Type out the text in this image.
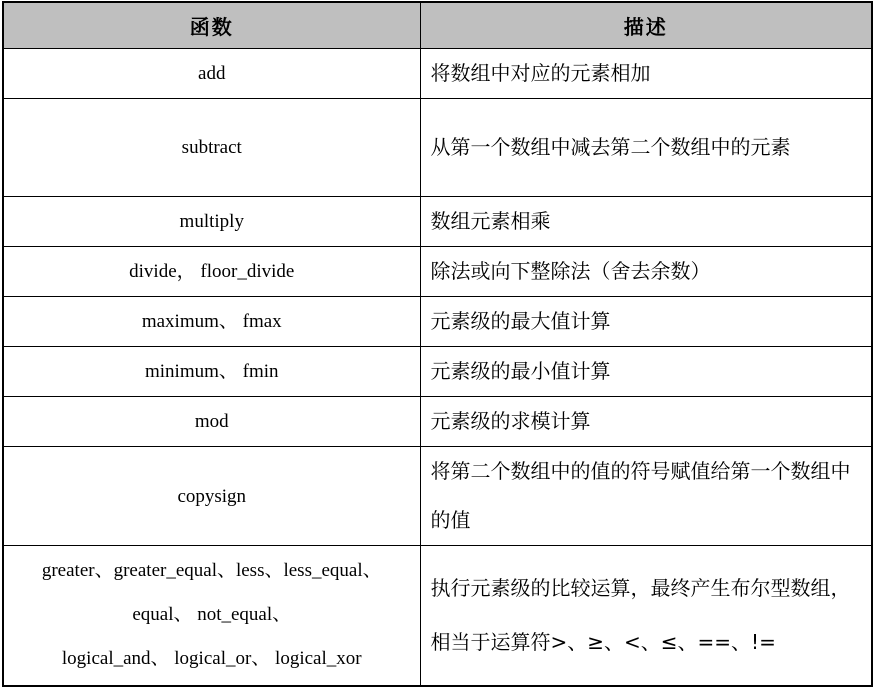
函数	描述
add	将数组中对应的元素相加
subtract	从第一个数组中减去第二个数组中的元素
multiply	数组元素相乘
divide， floor_divide	除法或向下整除法（舍去余数）
maximum、 fmax	元素级的最大值计算
minimum、 fmin	元素级的最小值计算
mod	元素级的求模计算
copysign	将第二个数组中的值的符号赋值给第一个数组中的值

greater、greater_equal、less、less_equal、
equal、 not_equal、
logical_and、 logical_or、 logical_xor	执行元素级的比较运算，最终产生布尔型数组，相当于运算符>、≥、<、≤、==、!=
